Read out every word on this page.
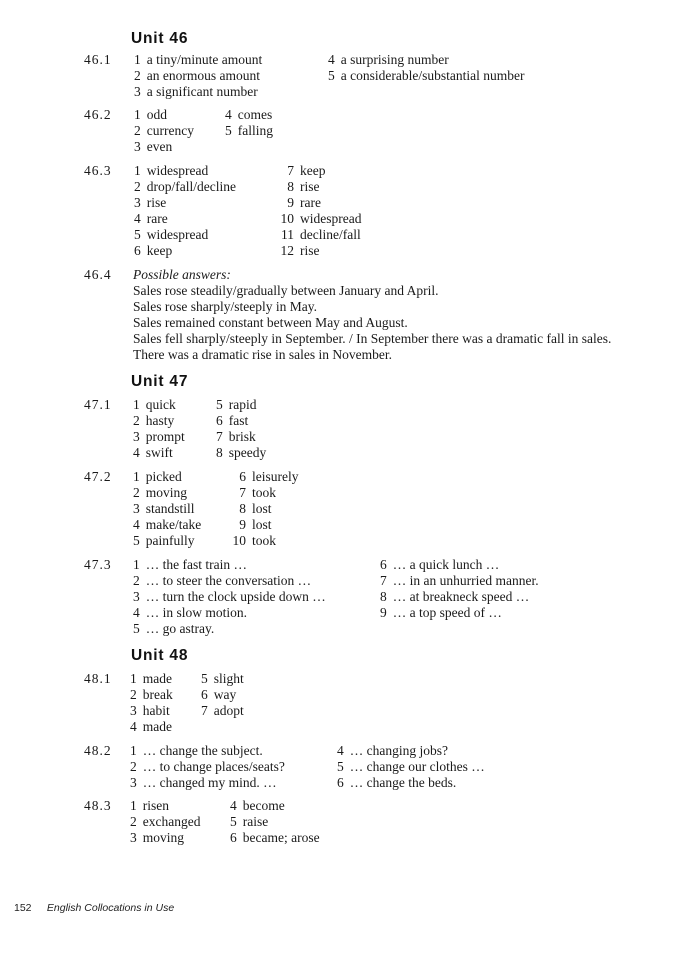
Unit 46
46.1 1 a tiny/minute amount
2 an enormous amount
3 a significant number
4 a surprising number
5 a considerable/substantial number
46.2 1 odd
2 currency
3 even
4 comes
5 falling
46.3 1 widespread
2 drop/fall/decline
3 rise
4 rare
5 widespread
6 keep
7 keep
8 rise
9 rare
10 widespread
11 decline/fall
12 rise
46.4 Possible answers:
Sales rose steadily/gradually between January and April.
Sales rose sharply/steeply in May.
Sales remained constant between May and August.
Sales fell sharply/steeply in September. / In September there was a dramatic fall in sales.
There was a dramatic rise in sales in November.
Unit 47
47.1 1 quick
2 hasty
3 prompt
4 swift
5 rapid
6 fast
7 brisk
8 speedy
47.2 1 picked
2 moving
3 standstill
4 make/take
5 painfully
6 leisurely
7 took
8 lost
9 lost
10 took
47.3 1 … the fast train …
2 … to steer the conversation …
3 … turn the clock upside down …
4 … in slow motion.
5 … go astray.
6 … a quick lunch …
7 … in an unhurried manner.
8 … at breakneck speed …
9 … a top speed of …
Unit 48
48.1 1 made
2 break
3 habit
4 made
5 slight
6 way
7 adopt
48.2 1 … change the subject.
2 … to change places/seats?
3 … changed my mind. …
4 … changing jobs?
5 … change our clothes …
6 … change the beds.
48.3 1 risen
2 exchanged
3 moving
4 become
5 raise
6 became; arose
152 English Collocations in Use
